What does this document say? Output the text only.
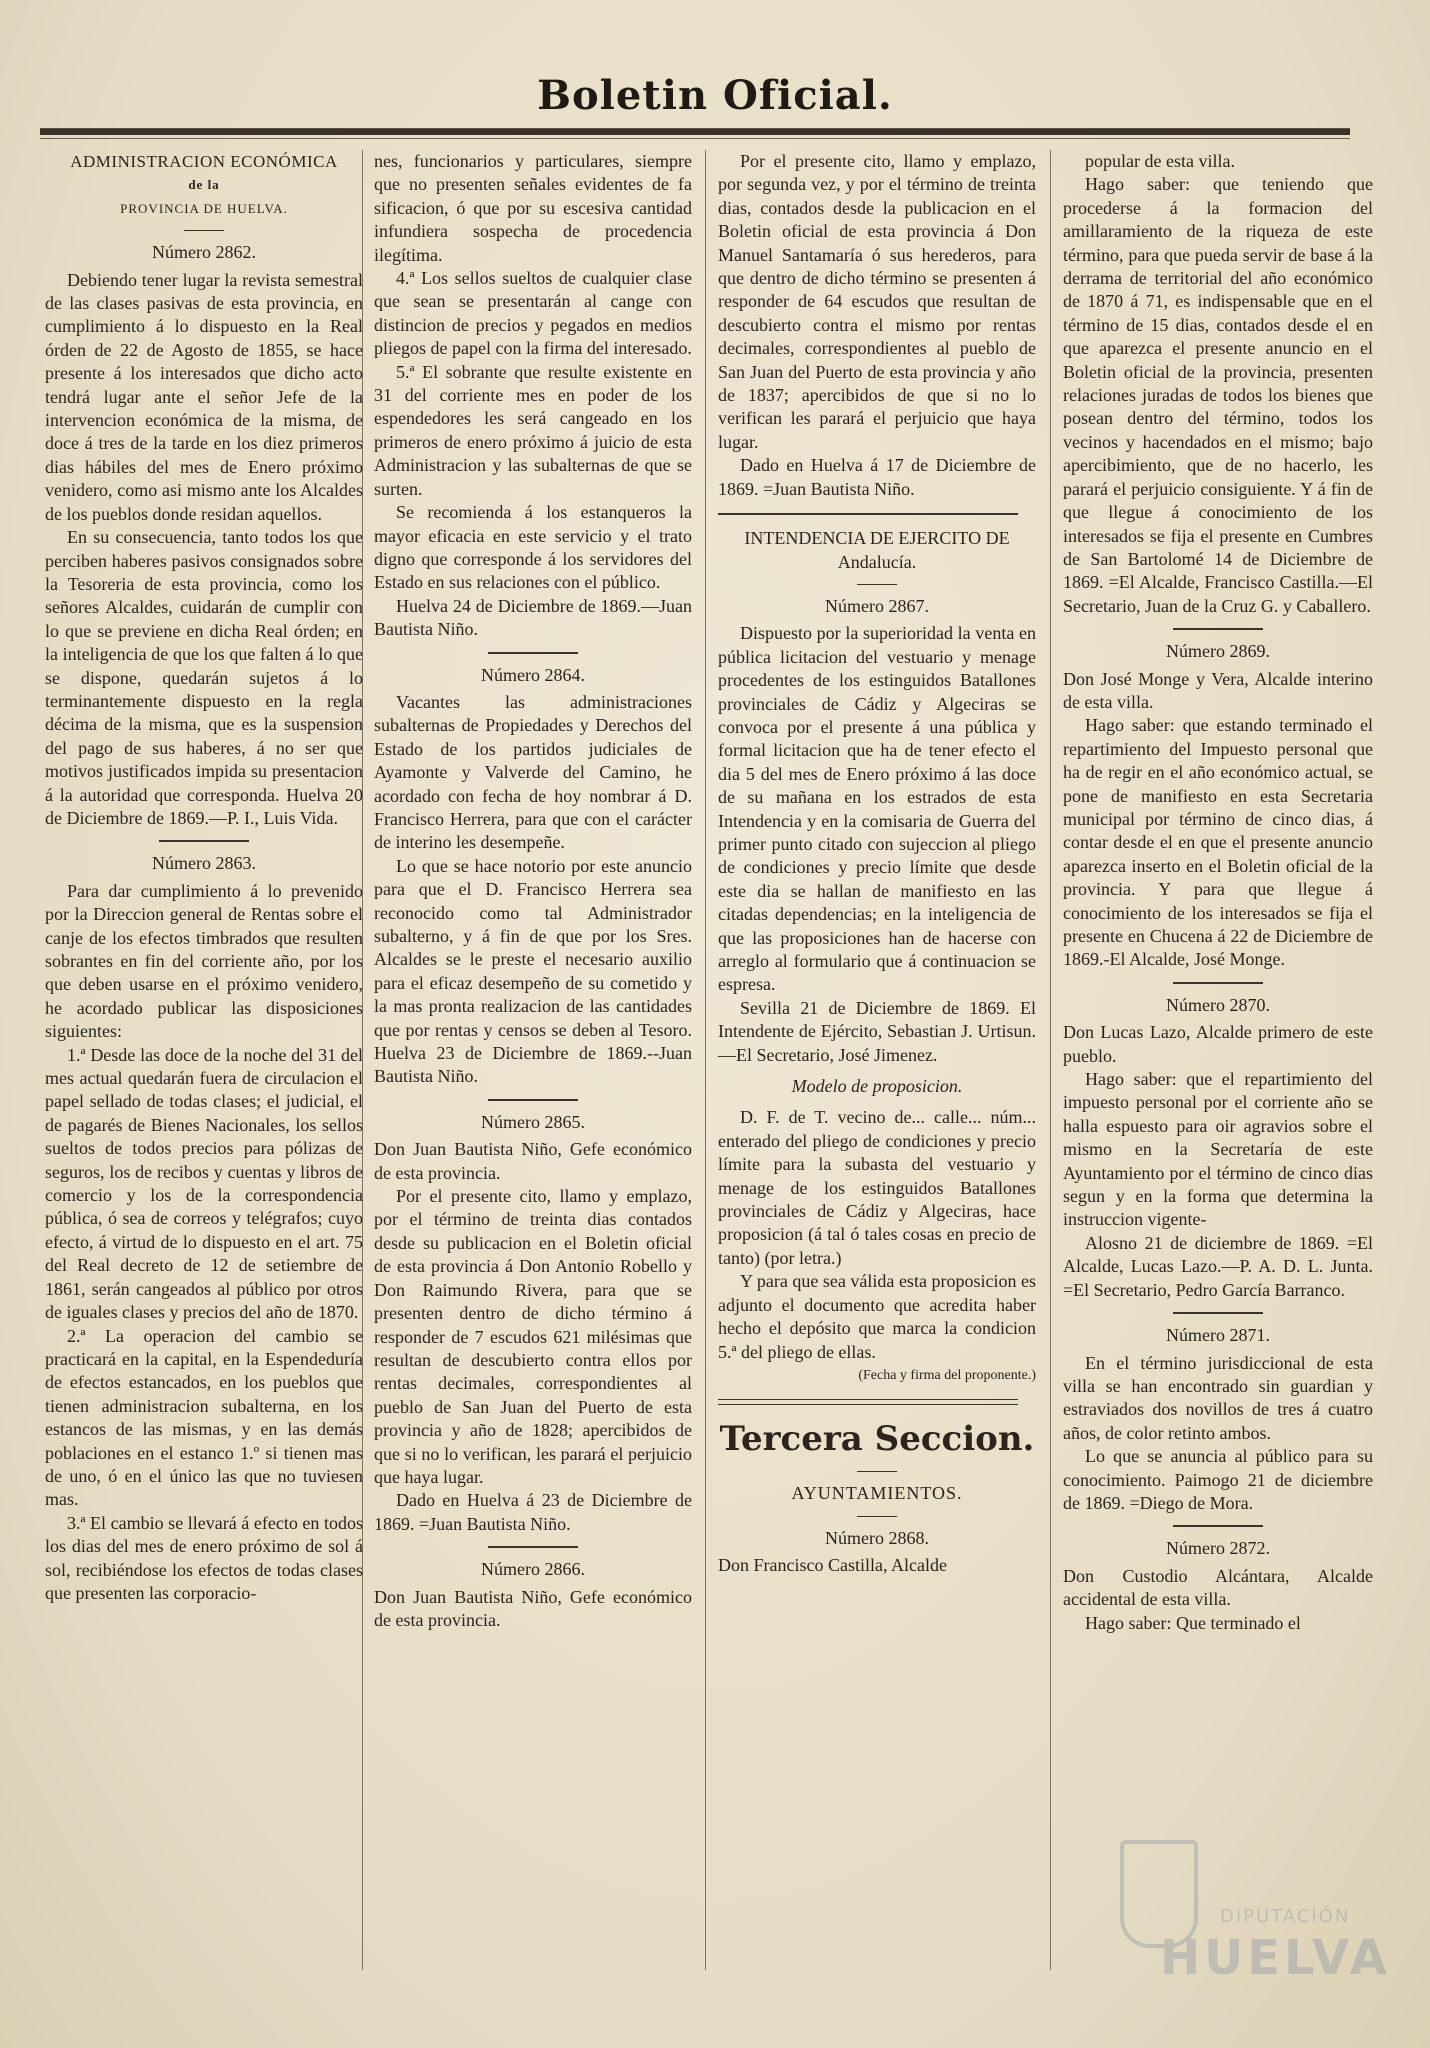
Boletin Oficial.
ADMINISTRACION ECONÓMICA
de la
PROVINCIA DE HUELVA.
Número 2862.

Debiendo tener lugar la revista semestral de las clases pasivas de esta provincia, en cumplimiento á lo dispuesto en la Real órden de 22 de Agosto de 1855, se hace presente á los interesados que dicho acto tendrá lugar ante el señor Jefe de la intervencion económica de la misma, de doce á tres de la tarde en los diez primeros dias hábiles del mes de Enero próximo venidero, como asi mismo ante los Alcaldes de los pueblos donde residan aquellos.

En su consecuencia, tanto todos los que perciben haberes pasivos consignados sobre la Tesoreria de esta provincia, como los señores Alcaldes, cuidarán de cumplir con lo que se previene en dicha Real órden; en la inteligencia de que los que falten á lo que se dispone, quedarán sujetos á lo terminantemente dispuesto en la regla décima de la misma, que es la suspension del pago de sus haberes, á no ser que motivos justificados impida su presentacion á la autoridad que corresponda. Huelva 20 de Diciembre de 1869.—P. I., Luis Vida.

Número 2863.

Para dar cumplimiento á lo prevenido por la Direccion general de Rentas sobre el canje de los efectos timbrados que resulten sobrantes en fin del corriente año, por los que deben usarse en el próximo venidero, he acordado publicar las disposiciones siguientes:

1.ª Desde las doce de la noche del 31 del mes actual quedarán fuera de circulacion el papel sellado de todas clases; el judicial, el de pagarés de Bienes Nacionales, los sellos sueltos de todos precios para pólizas de seguros, los de recibos y cuentas y libros de comercio y los de la correspondencia pública, ó sea de correos y telégrafos; cuyo efecto, á virtud de lo dispuesto en el art. 75 del Real decreto de 12 de setiembre de 1861, serán cangeados al público por otros de iguales clases y precios del año de 1870.

2.ª La operacion del cambio se practicará en la capital, en la Espendeduría de efectos estancados, en los pueblos que tienen administracion subalterna, en los estancos de las mismas, y en las demás poblaciones en el estanco 1.º si tienen mas de uno, ó en el único las que no tuviesen mas.

3.ª El cambio se llevará á efecto en todos los dias del mes de enero próximo de sol á sol, recibiéndose los efectos de todas clases que presenten las corporacio-

nes, funcionarios y particulares, siempre que no presenten señales evidentes de fa sificacion, ó que por su escesiva cantidad infundiera sospecha de procedencia ilegítima.

4.ª Los sellos sueltos de cualquier clase que sean se presentarán al cange con distincion de precios y pegados en medios pliegos de papel con la firma del interesado.

5.ª El sobrante que resulte existente en 31 del corriente mes en poder de los espendedores les será cangeado en los primeros de enero próximo á juicio de esta Administracion y las subalternas de que se surten.

Se recomienda á los estanqueros la mayor eficacia en este servicio y el trato digno que corresponde á los servidores del Estado en sus relaciones con el público.

Huelva 24 de Diciembre de 1869.—Juan Bautista Niño.

Número 2864.

Vacantes las administraciones subalternas de Propiedades y Derechos del Estado de los partidos judiciales de Ayamonte y Valverde del Camino, he acordado con fecha de hoy nombrar á D. Francisco Herrera, para que con el carácter de interino les desempeñe.

Lo que se hace notorio por este anuncio para que el D. Francisco Herrera sea reconocido como tal Administrador subalterno, y á fin de que por los Sres. Alcaldes se le preste el necesario auxilio para el eficaz desempeño de su cometido y la mas pronta realizacion de las cantidades que por rentas y censos se deben al Tesoro. Huelva 23 de Diciembre de 1869.--Juan Bautista Niño.

Número 2865.

Don Juan Bautista Niño, Gefe económico de esta provincia.

Por el presente cito, llamo y emplazo, por el término de treinta dias contados desde su publicacion en el Boletin oficial de esta provincia á Don Antonio Robello y Don Raimundo Rivera, para que se presenten dentro de dicho término á responder de 7 escudos 621 milésimas que resultan de descubierto contra ellos por rentas decimales, correspondientes al pueblo de San Juan del Puerto de esta provincia y año de 1828; apercibidos de que si no lo verifican, les parará el perjuicio que haya lugar.

Dado en Huelva á 23 de Diciembre de 1869. =Juan Bautista Niño.

Número 2866.

Don Juan Bautista Niño, Gefe económico de esta provincia.

Por el presente cito, llamo y emplazo, por segunda vez, y por el término de treinta dias, contados desde la publicacion en el Boletin oficial de esta provincia á Don Manuel Santamaría ó sus herederos, para que dentro de dicho término se presenten á responder de 64 escudos que resultan de descubierto contra el mismo por rentas decimales, correspondientes al pueblo de San Juan del Puerto de esta provincia y año de 1837; apercibidos de que si no lo verifican les parará el perjuicio que haya lugar.

Dado en Huelva á 17 de Diciembre de 1869. =Juan Bautista Niño.

INTENDENCIA DE EJERCITO DE Andalucía.
Número 2867.

Dispuesto por la superioridad la venta en pública licitacion del vestuario y menage procedentes de los estinguidos Batallones provinciales de Cádiz y Algeciras se convoca por el presente á una pública y formal licitacion que ha de tener efecto el dia 5 del mes de Enero próximo á las doce de su mañana en los estrados de esta Intendencia y en la comisaria de Guerra del primer punto citado con sujeccion al pliego de condiciones y precio límite que desde este dia se hallan de manifiesto en las citadas dependencias; en la inteligencia de que las proposiciones han de hacerse con arreglo al formulario que á continuacion se espresa.

Sevilla 21 de Diciembre de 1869. El Intendente de Ejército, Sebastian J. Urtisun.—El Secretario, José Jimenez.

Modelo de proposicion.

D. F. de T. vecino de... calle... núm... enterado del pliego de condiciones y precio límite para la subasta del vestuario y menage de los estinguidos Batallones provinciales de Cádiz y Algeciras, hace proposicion (á tal ó tales cosas en precio de tanto) (por letra.)

Y para que sea válida esta proposicion es adjunto el documento que acredita haber hecho el depósito que marca la condicion 5.ª del pliego de ellas.

(Fecha y firma del proponente.)
Tercera Seccion.
AYUNTAMIENTOS.
Número 2868.

Don Francisco Castilla, Alcalde

popular de esta villa.

Hago saber: que teniendo que procederse á la formacion del amillaramiento de la riqueza de este término, para que pueda servir de base á la derrama de territorial del año económico de 1870 á 71, es indispensable que en el término de 15 dias, contados desde el en que aparezca el presente anuncio en el Boletin oficial de la provincia, presenten relaciones juradas de todos los bienes que posean dentro del término, todos los vecinos y hacendados en el mismo; bajo apercibimiento, que de no hacerlo, les parará el perjuicio consiguiente. Y á fin de que llegue á conocimiento de los interesados se fija el presente en Cumbres de San Bartolomé 14 de Diciembre de 1869. =El Alcalde, Francisco Castilla.—El Secretario, Juan de la Cruz G. y Caballero.

Número 2869.

Don José Monge y Vera, Alcalde interino de esta villa.

Hago saber: que estando terminado el repartimiento del Impuesto personal que ha de regir en el año económico actual, se pone de manifiesto en esta Secretaria municipal por término de cinco dias, á contar desde el en que el presente anuncio aparezca inserto en el Boletin oficial de la provincia. Y para que llegue á conocimiento de los interesados se fija el presente en Chucena á 22 de Diciembre de 1869.-El Alcalde, José Monge.

Número 2870.

Don Lucas Lazo, Alcalde primero de este pueblo.

Hago saber: que el repartimiento del impuesto personal por el corriente año se halla espuesto para oir agravios sobre el mismo en la Secretaría de este Ayuntamiento por el término de cinco dias segun y en la forma que determina la instruccion vigente-

Alosno 21 de diciembre de 1869. =El Alcalde, Lucas Lazo.—P. A. D. L. Junta. =El Secretario, Pedro García Barranco.

Número 2871.

En el término jurisdiccional de esta villa se han encontrado sin guardian y estraviados dos novillos de tres á cuatro años, de color retinto ambos.

Lo que se anuncia al público para su conocimiento. Paimogo 21 de diciembre de 1869. =Diego de Mora.

Número 2872.

Don Custodio Alcántara, Alcalde accidental de esta villa.

Hago saber: Que terminado el

DIPUTACIÓN
HUELVA
